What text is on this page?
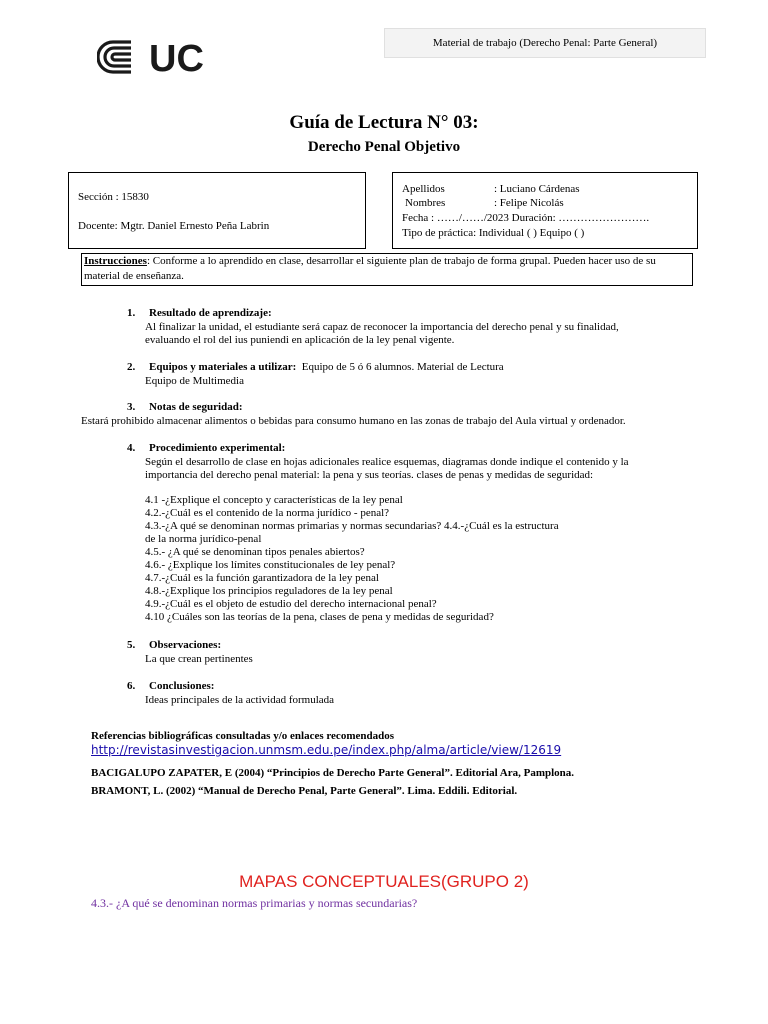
UC	Material de trabajo (Derecho Penal: Parte General)
Guía de Lectura N° 03:
Derecho Penal Objetivo
Sección : 15830
Docente: Mgtr. Daniel Ernesto Peña Labrin
Apellidos	: Luciano Cárdenas
Nombres	: Felipe Nicolás
Fecha : ……/……/2023 Duración: …………………….
Tipo de práctica: Individual ( ) Equipo ( )
Instrucciones: Conforme a lo aprendido en clase, desarrollar el siguiente plan de trabajo de forma grupal. Pueden hacer uso de su material de enseñanza.
1. Resultado de aprendizaje:
Al finalizar la unidad, el estudiante será capaz de reconocer la importancia del derecho penal y su finalidad,
evaluando el rol del ius puniendi en aplicación de la ley penal vigente.
2. Equipos y materiales a utilizar: Equipo de 5 ó 6 alumnos. Material de Lectura
Equipo de Multimedia
3. Notas de seguridad:
Estará prohibido almacenar alimentos o bebidas para consumo humano en las zonas de trabajo del Aula virtual y ordenador.
4. Procedimiento experimental:
Según el desarrollo de clase en hojas adicionales realice esquemas, diagramas donde indique el contenido y la
importancia del derecho penal material: la pena y sus teorías. clases de penas y medidas de seguridad:
4.1 -¿Explique el concepto y características de la ley penal
4.2.-¿Cuál es el contenido de la norma jurídico - penal?
4.3.-¿A qué se denominan normas primarias y normas secundarias? 4.4.-¿Cuál es la estructura
de la norma jurídico-penal
4.5.- ¿A qué se denominan tipos penales abiertos?
4.6.- ¿Explique los límites constitucionales de ley penal?
4.7.-¿Cuál es la función garantizadora de la ley penal
4.8.-¿Explique los principios reguladores de la ley penal
4.9.-¿Cuál es el objeto de estudio del derecho internacional penal?
4.10 ¿Cuáles son las teorías de la pena, clases de pena y medidas de seguridad?
5. Observaciones:
La que crean pertinentes
6. Conclusiones:
Ideas principales de la actividad formulada
Referencias bibliográficas consultadas y/o enlaces recomendados
http://revistasinvestigacion.unmsm.edu.pe/index.php/alma/article/view/12619
BACIGALUPO ZAPATER, E (2004) “Principios de Derecho Parte General”. Editorial Ara, Pamplona.
BRAMONT, L. (2002) “Manual de Derecho Penal, Parte General”. Lima. Eddili. Editorial.
MAPAS CONCEPTUALES(GRUPO 2)
4.3.- ¿A qué se denominan normas primarias y normas secundarias?
